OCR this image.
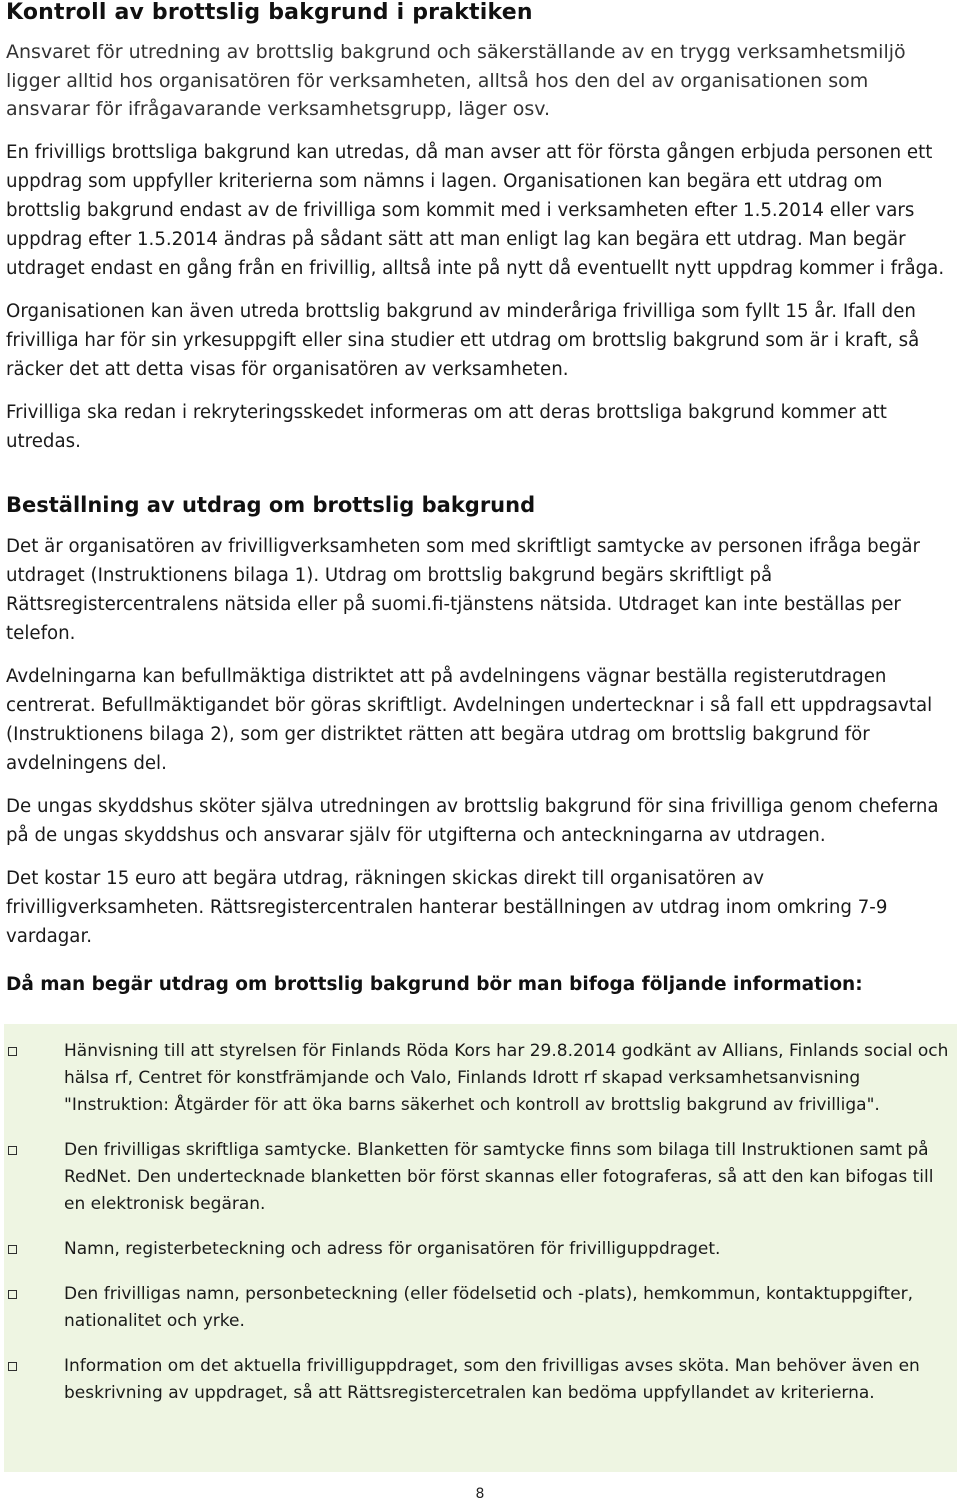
Kontroll av brottslig bakgrund i praktiken

Ansvaret för utredning av brottslig bakgrund och säkerställande av en trygg verksamhetsmiljö ligger alltid hos organisatören för verksamheten, alltså hos den del av organisationen som ansvarar för ifrågavarande verksamhetsgrupp, läger osv.

En frivilligs brottsliga bakgrund kan utredas, då man avser att för första gången erbjuda personen ett uppdrag som uppfyller kriterierna som nämns i lagen. Organisationen kan begära ett utdrag om brottslig bakgrund endast av de frivilliga som kommit med i verksamheten efter 1.5.2014 eller vars uppdrag efter 1.5.2014 ändras på sådant sätt att man enligt lag kan begära ett utdrag. Man begär utdraget endast en gång från en frivillig, alltså inte på nytt då eventuellt nytt uppdrag kommer i fråga.

Organisationen kan även utreda brottslig bakgrund av minderåriga frivilliga som fyllt 15 år. Ifall den frivilliga har för sin yrkesuppgift eller sina studier ett utdrag om brottslig bakgrund som är i kraft, så räcker det att detta visas för organisatören av verksamheten.

Frivilliga ska redan i rekryteringsskedet informeras om att deras brottsliga bakgrund kommer att utredas.

Beställning av utdrag om brottslig bakgrund

Det är organisatören av frivilligverksamheten som med skriftligt samtycke av personen ifråga begär utdraget (Instruktionens bilaga 1). Utdrag om brottslig bakgrund begärs skriftligt på Rättsregistercentralens nätsida eller på suomi.fi-tjänstens nätsida. Utdraget kan inte beställas per telefon.

Avdelningarna kan befullmäktiga distriktet att på avdelningens vägnar beställa registerutdragen centrerat. Befullmäktigandet bör göras skriftligt. Avdelningen undertecknar i så fall ett uppdragsavtal (Instruktionens bilaga 2), som ger distriktet rätten att begära utdrag om brottslig bakgrund för avdelningens del.

De ungas skyddshus sköter själva utredningen av brottslig bakgrund för sina frivilliga genom cheferna på de ungas skyddshus och ansvarar själv för utgifterna och anteckningarna av utdragen.

Det kostar 15 euro att begära utdrag, räkningen skickas direkt till organisatören av frivilligverksamheten. Rättsregistercentralen hanterar beställningen av utdrag inom omkring 7-9 vardagar.

Då man begär utdrag om brottslig bakgrund bör man bifoga följande information:
Hänvisning till att styrelsen för Finlands Röda Kors har 29.8.2014 godkänt av Allians, Finlands social och hälsa rf, Centret för konstfrämjande och Valo, Finlands Idrott rf skapad verksamhetsanvisning "Instruktion: Åtgärder för att öka barns säkerhet och kontroll av brottslig bakgrund av frivilliga".
Den frivilligas skriftliga samtycke. Blanketten för samtycke finns som bilaga till Instruktionen samt på RedNet. Den undertecknade blanketten bör först skannas eller fotograferas, så att den kan bifogas till en elektronisk begäran.
Namn, registerbeteckning och adress för organisatören för frivilliguppdraget.
Den frivilligas namn, personbeteckning (eller födelsetid och -plats), hemkommun, kontaktuppgifter, nationalitet och yrke.
Information om det aktuella frivilliguppdraget, som den frivilligas avses sköta. Man behöver även en beskrivning av uppdraget, så att Rättsregistercetralen kan bedöma uppfyllandet av kriterierna.
8
